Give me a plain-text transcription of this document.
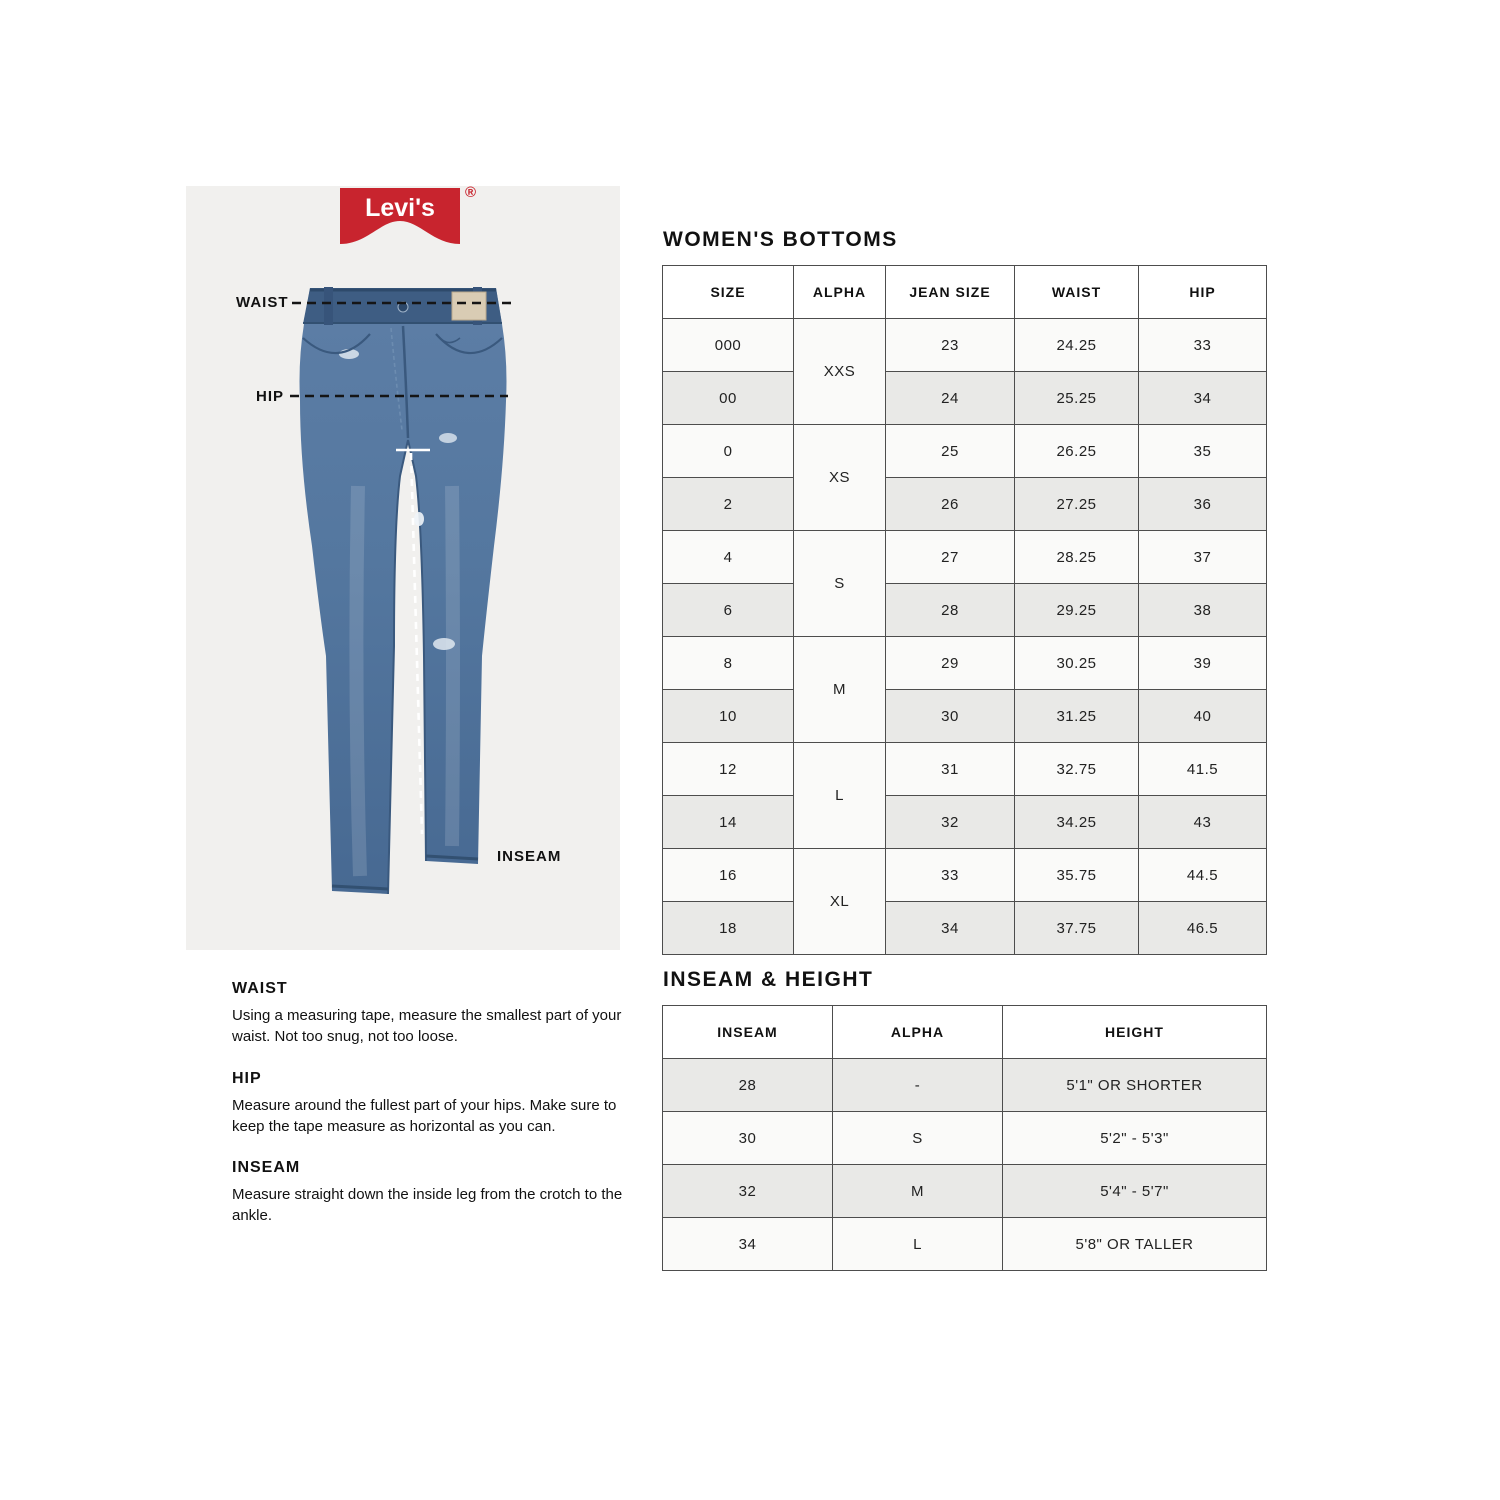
Levi's
®
WAIST
HIP
INSEAM
WAIST

Using a measuring tape, measure the smallest part of your waist. Not too snug, not too loose.

HIP

Measure around the fullest part of your hips. Make sure to keep the tape measure as horizontal as you can.

INSEAM

Measure straight down the inside leg from the crotch to the ankle.

WOMEN'S BOTTOMS
SIZE	ALPHA	JEAN SIZE	WAIST	HIP
000	XXS	23	24.25	33
00		24	25.25	34
0	XS	25	26.25	35
2		26	27.25	36
4	S	27	28.25	37
6		28	29.25	38
8	M	29	30.25	39
10		30	31.25	40
12	L	31	32.75	41.5
14		32	34.25	43
16	XL	33	35.75	44.5
18		34	37.75	46.5
INSEAM & HEIGHT
INSEAM	ALPHA	HEIGHT
28	-	5'1" OR SHORTER
30	S	5'2" - 5'3"
32	M	5'4" - 5'7"
34	L	5'8" OR TALLER
